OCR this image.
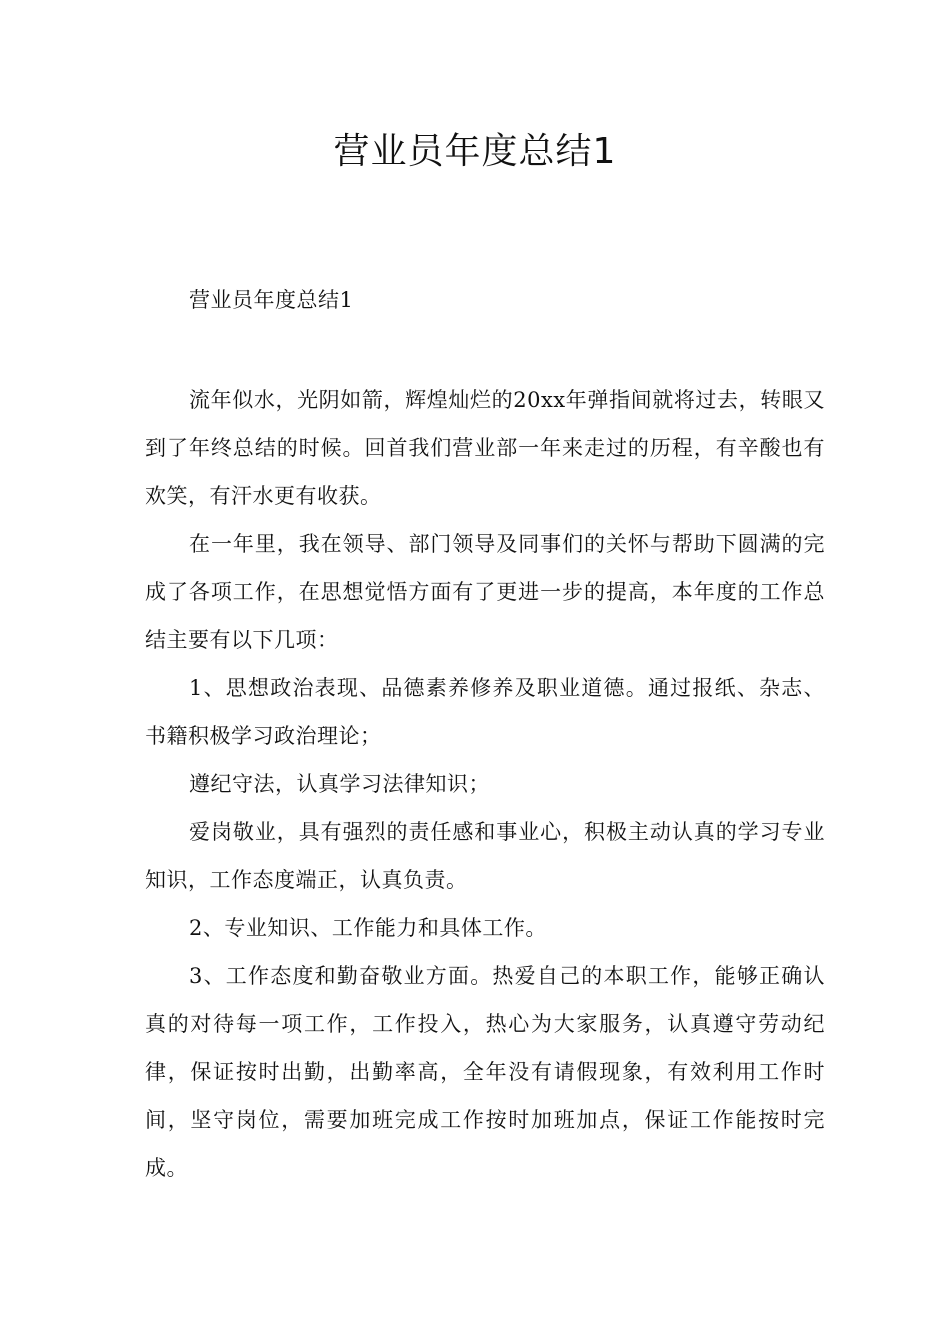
营业员年度总结1
营业员年度总结1

流年似水，光阴如箭，辉煌灿烂的20xx年弹指间就将过去，转眼又到了年终总结的时候。回首我们营业部一年来走过的历程，有辛酸也有欢笑，有汗水更有收获。

在一年里，我在领导、部门领导及同事们的关怀与帮助下圆满的完成了各项工作，在思想觉悟方面有了更进一步的提高，本年度的工作总结主要有以下几项：

1、思想政治表现、品德素养修养及职业道德。通过报纸、杂志、书籍积极学习政治理论；

遵纪守法，认真学习法律知识；

爱岗敬业，具有强烈的责任感和事业心，积极主动认真的学习专业知识，工作态度端正，认真负责。

2、专业知识、工作能力和具体工作。

3、工作态度和勤奋敬业方面。热爱自己的本职工作，能够正确认真的对待每一项工作，工作投入，热心为大家服务，认真遵守劳动纪律，保证按时出勤，出勤率高，全年没有请假现象，有效利用工作时间，坚守岗位，需要加班完成工作按时加班加点，保证工作能按时完成。
